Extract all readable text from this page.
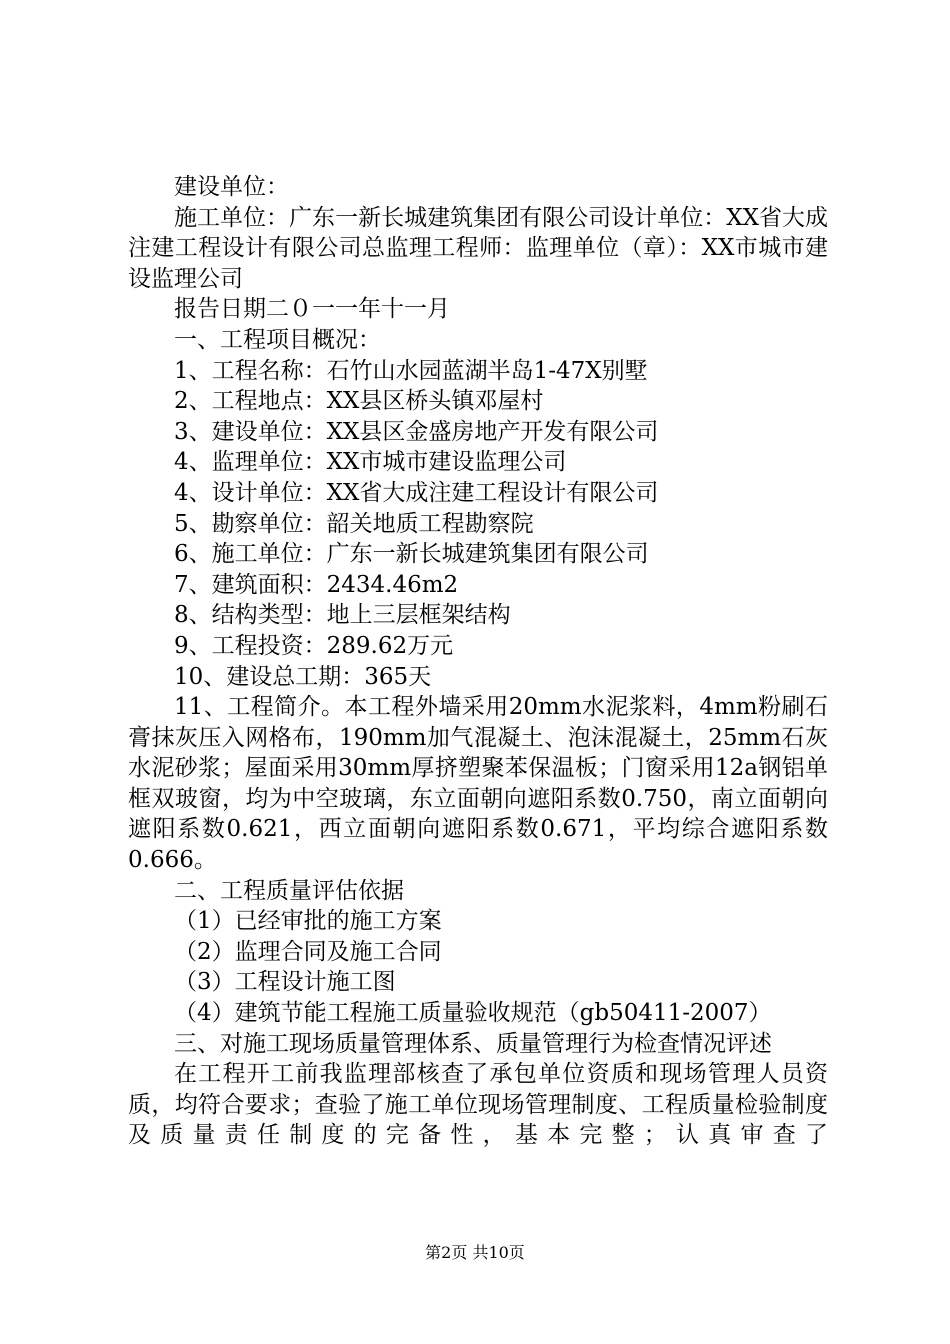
建设单位：

施工单位：广东一新长城建筑集团有限公司设计单位：XX省大成注建工程设计有限公司总监理工程师：监理单位（章）：XX市城市建设监理公司

报告日期二０一一年十一月

一、工程项目概况：

1、工程名称：石竹山水园蓝湖半岛1-47X别墅

2、工程地点：XX县区桥头镇邓屋村

3、建设单位：XX县区金盛房地产开发有限公司

4、监理单位：XX市城市建设监理公司

4、设计单位：XX省大成注建工程设计有限公司

5、勘察单位：韶关地质工程勘察院

6、施工单位：广东一新长城建筑集团有限公司

7、建筑面积：2434.46m2

8、结构类型：地上三层框架结构

9、工程投资：289.62万元

10、建设总工期：365天

11、工程简介。本工程外墙采用20mm水泥浆料，4mm粉刷石膏抹灰压入网格布，190mm加气混凝土、泡沫混凝土，25mm石灰水泥砂浆；屋面采用30mm厚挤塑聚苯保温板；门窗采用12a钢铝单框双玻窗，均为中空玻璃，东立面朝向遮阳系数0.750，南立面朝向遮阳系数0.621，西立面朝向遮阳系数0.671，平均综合遮阳系数0.666。

二、工程质量评估依据

（1）已经审批的施工方案

（2）监理合同及施工合同

（3）工程设计施工图

（4）建筑节能工程施工质量验收规范（gb50411-2007）

三、对施工现场质量管理体系、质量管理行为检查情况评述

在工程开工前我监理部核查了承包单位资质和现场管理人员资质，均符合要求；查验了施工单位现场管理制度、工程质量检验制度及质量责任制度的完备性，基本完整；认真审查了

第2页 共10页
